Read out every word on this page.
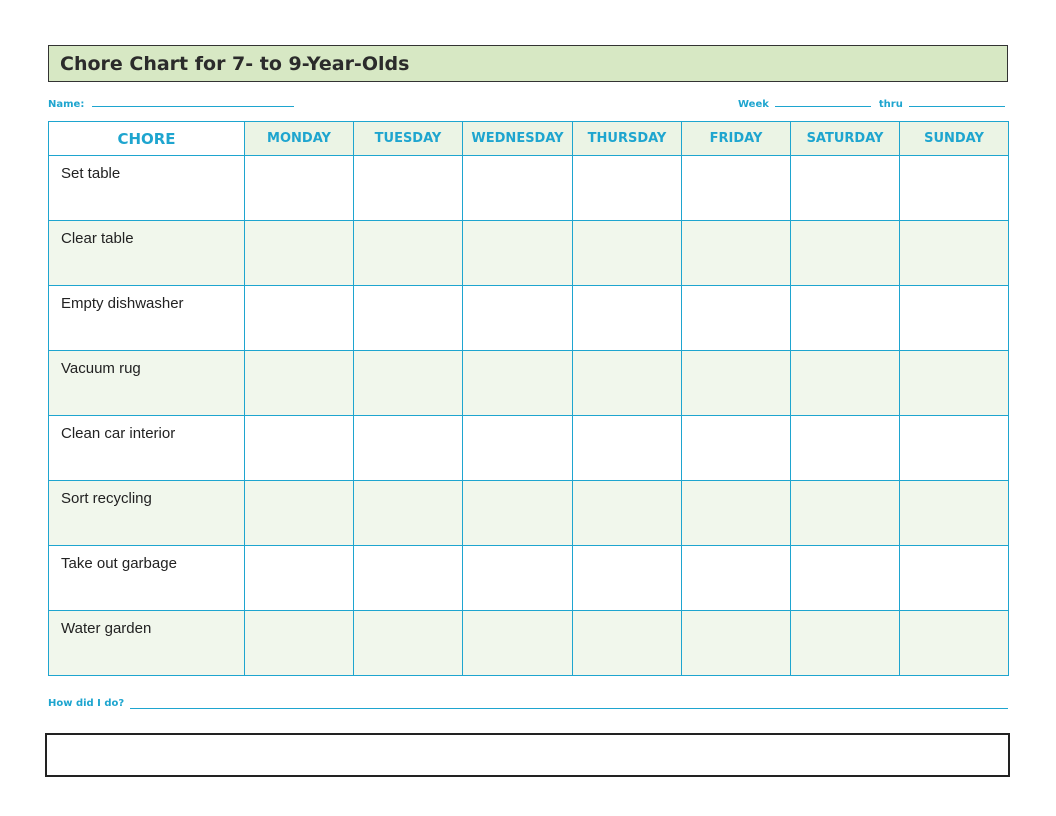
Chore Chart for 7- to 9-Year-Olds
Name:	Week	thru
CHORE	MONDAY	TUESDAY	WEDNESDAY	THURSDAY	FRIDAY	SATURDAY	SUNDAY
Set table							
Clear table							
Empty dishwasher							
Vacuum rug							
Clean car interior							
Sort recycling							
Take out garbage							
Water garden							
How did I do?
